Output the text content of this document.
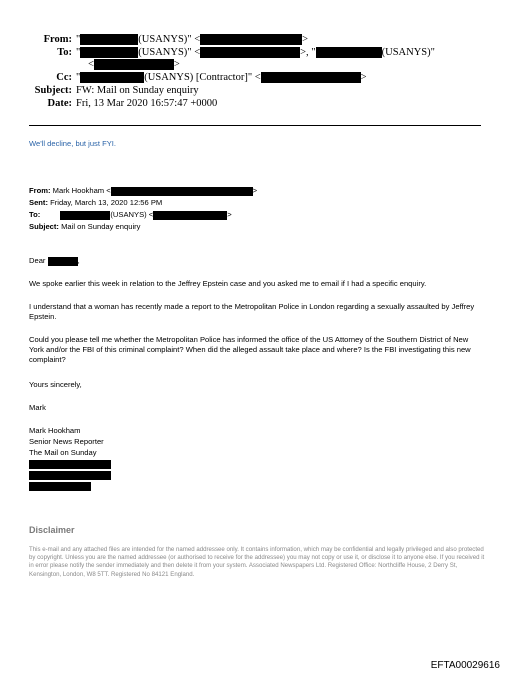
From: "	(USANYS)" <	>
To: "	(USANYS)" <	>, "	(USANYS)"
<	>
Cc: "	(USANYS) [Contractor]" <	>
Subject: FW: Mail on Sunday enquiry
Date: Fri, 13 Mar 2020 16:57:47 +0000
We'll decline, but just FYI.
From: Mark Hookham <	>
Sent: Friday, March 13, 2020 12:56 PM
To:	(USANYS) <	>
Subject: Mail on Sunday enquiry
Dear	,
We spoke earlier this week in relation to the Jeffrey Epstein case and you asked me to email if I had a specific enquiry.
I understand that a woman has recently made a report to the Metropolitan Police in London regarding a sexually assaulted by Jeffrey Epstein.
Could you please tell me whether the Metropolitan Police has informed the office of the US Attorney of the Southern District of New York and/or the FBI of this criminal complaint? When did the alleged assault take place and where? Is the FBI investigating this new complaint?
Yours sincerely,
Mark
Mark Hookham
Senior News Reporter
The Mail on Sunday
Disclaimer
This e-mail and any attached files are intended for the named addressee only. It contains information, which may be confidential and legally privileged and also protected by copyright. Unless you are the named addressee (or authorised to receive for the addressee) you may not copy or use it, or disclose it to anyone else. If you received it in error please notify the sender immediately and then delete it from your system. Associated Newspapers Ltd. Registered Office: Northcliffe House, 2 Derry St, Kensington, London, W8 5TT. Registered No 84121 England.
EFTA00029616
